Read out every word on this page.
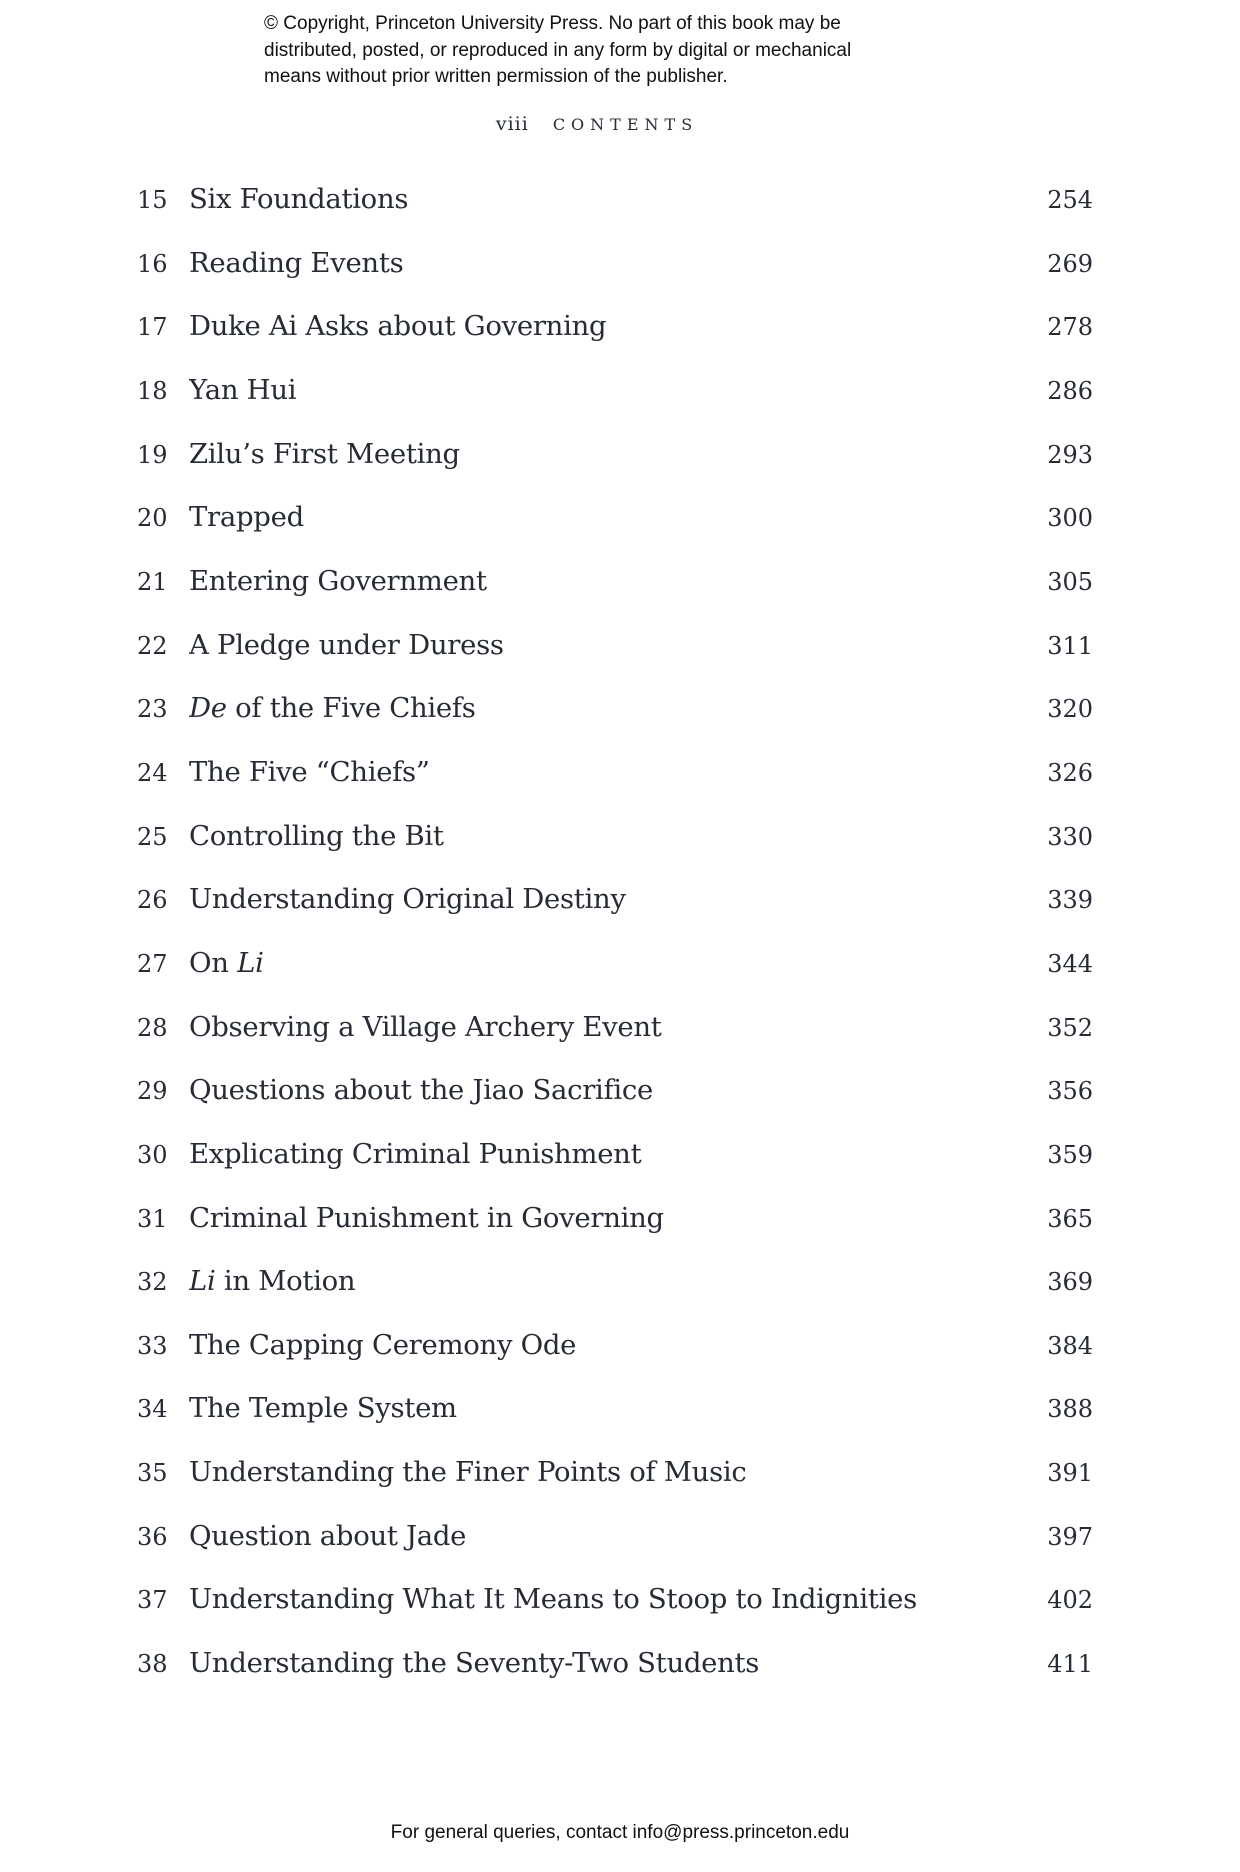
© Copyright, Princeton University Press. No part of this book may be
distributed, posted, or reproduced in any form by digital or mechanical
means without prior written permission of the publisher.
viii CONTENTS
15 Six Foundations	254
16 Reading Events	269
17 Duke Ai Asks about Governing	278
18 Yan Hui	286
19 Zilu’s First Meeting	293
20 Trapped	300
21 Entering Government	305
22 A Pledge under Duress	311
23 De of the Five Chiefs	320
24 The Five “Chiefs”	326
25 Controlling the Bit	330
26 Understanding Original Destiny	339
27 On Li	344
28 Observing a Village Archery Event	352
29 Questions about the Jiao Sacrifice	356
30 Explicating Criminal Punishment	359
31 Criminal Punishment in Governing	365
32 Li in Motion	369
33 The Capping Ceremony Ode	384
34 The Temple System	388
35 Understanding the Finer Points of Music	391
36 Question about Jade	397
37 Understanding What It Means to Stoop to Indignities	402
38 Understanding the Seventy-Two Students	411
For general queries, contact info@press.princeton.edu
